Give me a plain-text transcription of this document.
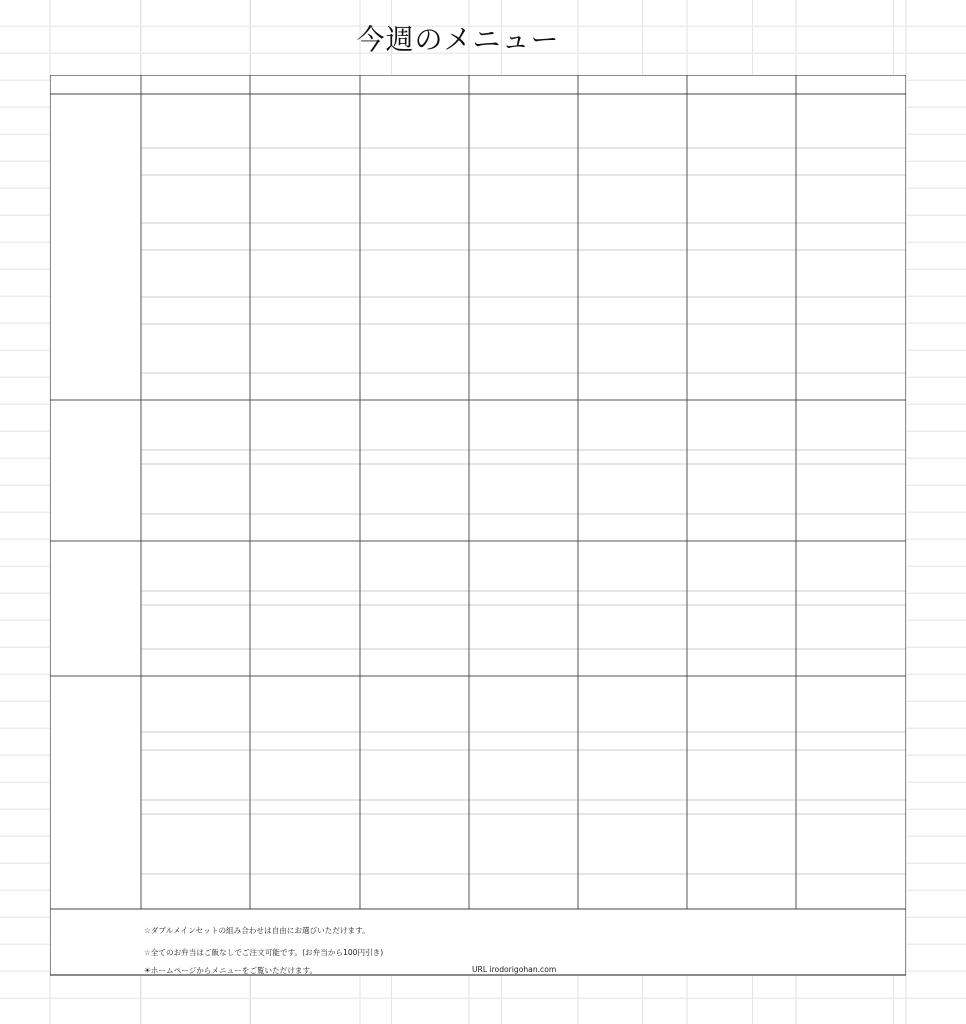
今週のメニュー
☆ダブルメインセットの組み合わせは自由にお選びいただけます。
☆全てのお弁当はご飯なしでご注文可能です。(お弁当から100円引き)
☀ホームページからメニューをご覧いただけます。	URL irodorigohan.com
